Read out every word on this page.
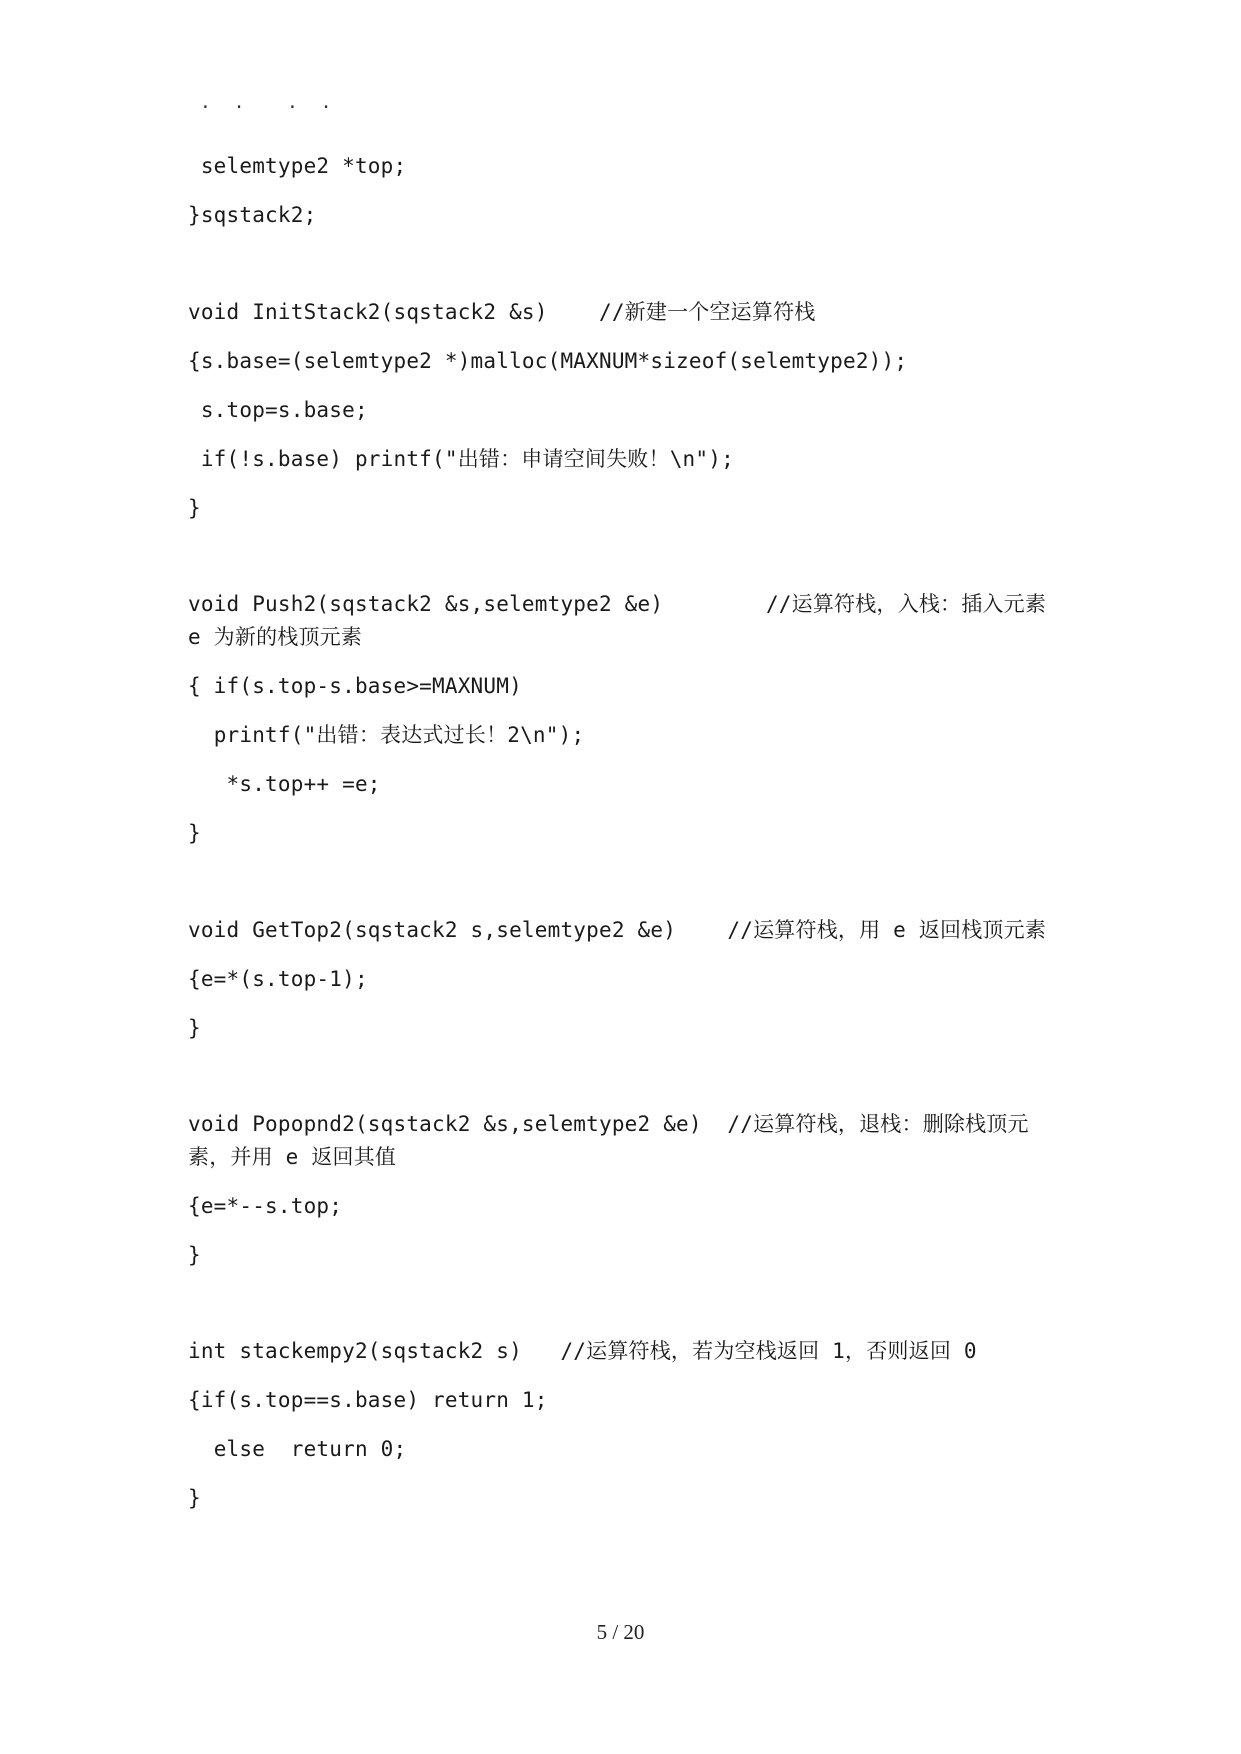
. . . .
selemtype2 *top;
}sqstack2;
void InitStack2(sqstack2 &s)    //新建一个空运算符栈
{s.base=(selemtype2 *)malloc(MAXNUM*sizeof(selemtype2));
s.top=s.base;
if(!s.base) printf("出错：申请空间失败！\n");
}
void Push2(sqstack2 &s,selemtype2 &e)        //运算符栈，入栈：插入元素 e 为新的栈顶元素
{ if(s.top-s.base>=MAXNUM)
printf("出错：表达式过长！2\n");
*s.top++ =e;
}
void GetTop2(sqstack2 s,selemtype2 &e)    //运算符栈，用 e 返回栈顶元素
{e=*(s.top-1);
}
void Popopnd2(sqstack2 &s,selemtype2 &e)  //运算符栈，退栈：删除栈顶元素，并用 e 返回其值
{e=*--s.top;
}
int stackempy2(sqstack2 s)   //运算符栈，若为空栈返回 1，否则返回 0
{if(s.top==s.base) return 1;
else  return 0;
}
5 / 20
